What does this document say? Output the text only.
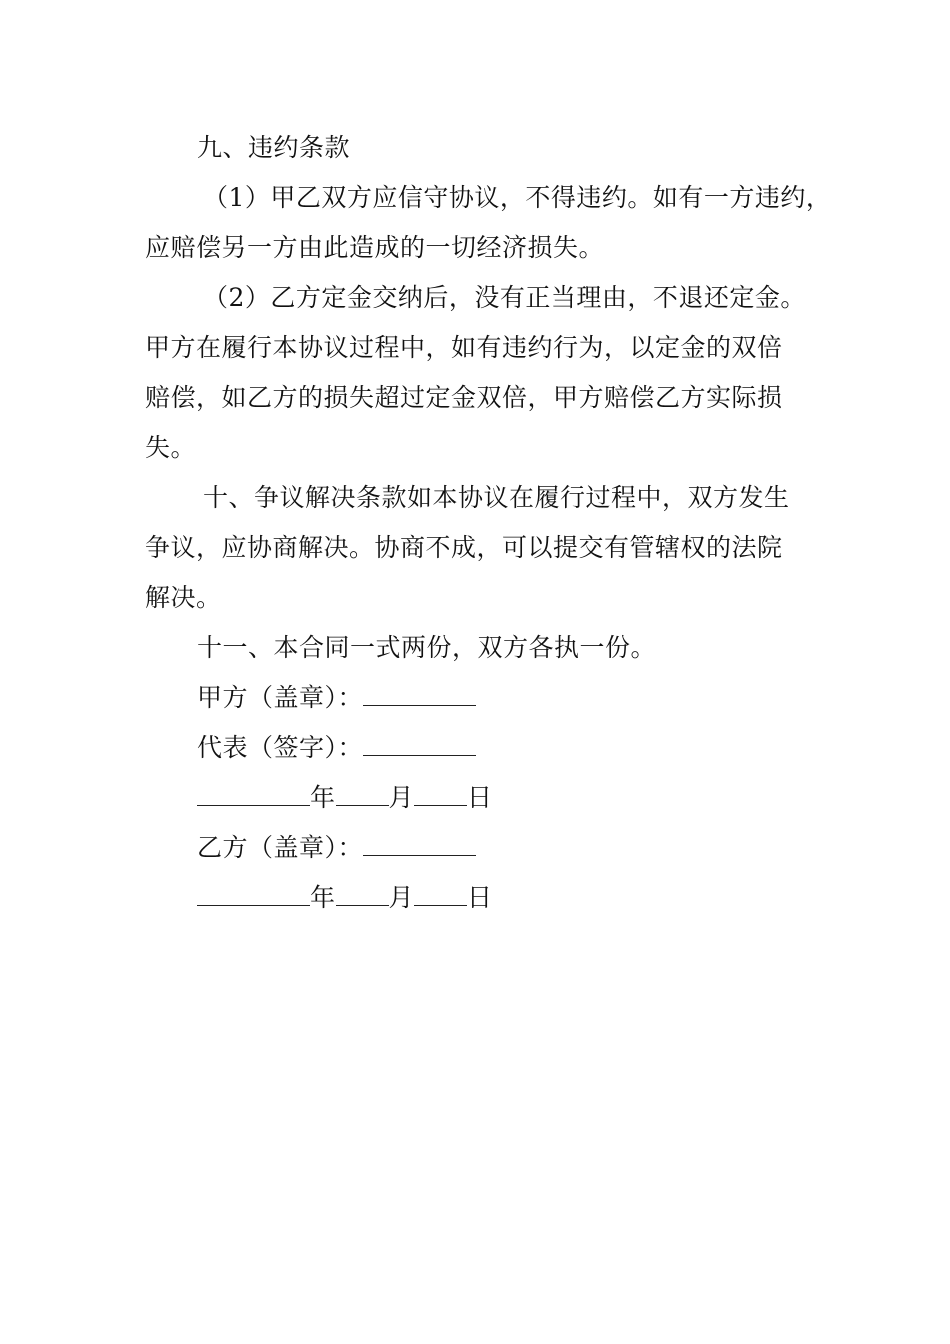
九、违约条款
（1）甲乙双方应信守协议，不得违约。如有一方违约，
应赔偿另一方由此造成的一切经济损失。
（2）乙方定金交纳后，没有正当理由，不退还定金。
甲方在履行本协议过程中，如有违约行为，以定金的双倍
赔偿，如乙方的损失超过定金双倍，甲方赔偿乙方实际损
失。
十、争议解决条款如本协议在履行过程中，双方发生
争议，应协商解决。协商不成，可以提交有管辖权的法院
解决。
十一、本合同一式两份，双方各执一份。
甲方（盖章）：
代表（签字）：
年 月 日
乙方（盖章）：
年 月 日
